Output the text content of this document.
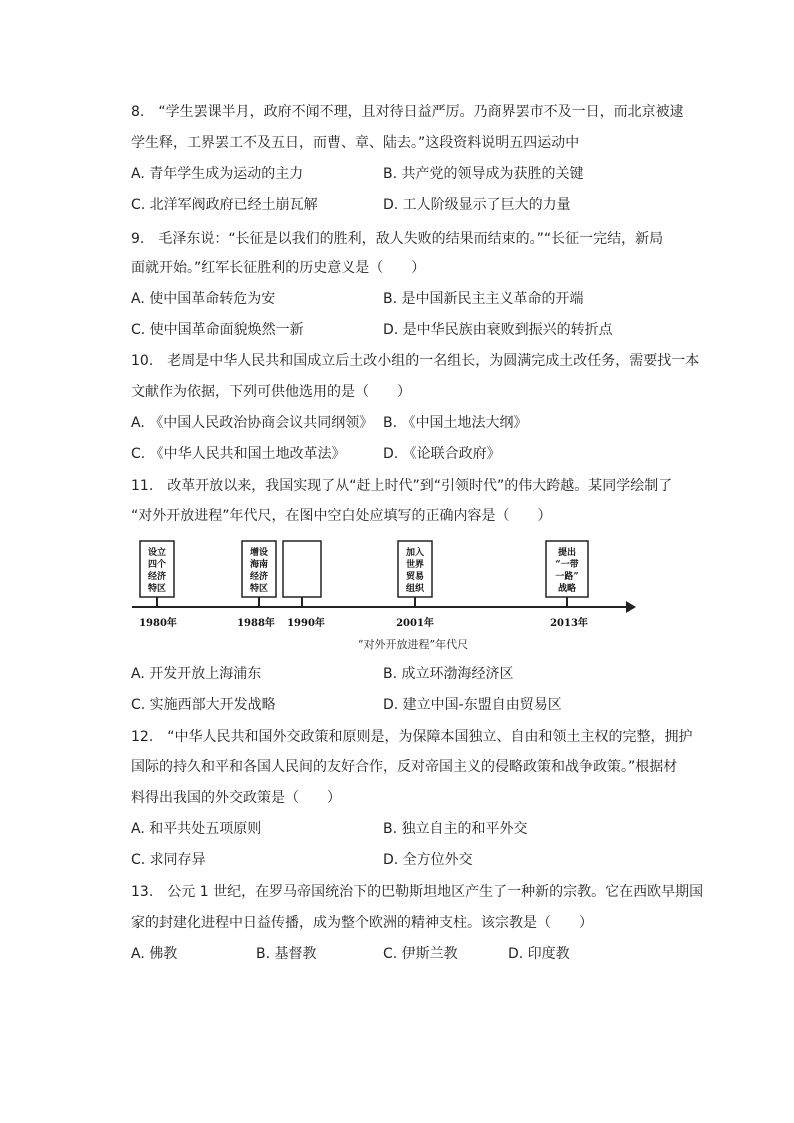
8.　“学生罢课半月，政府不闻不理，且对待日益严厉。乃商界罢市不及一日，而北京被逮
学生释，工界罢工不及五日，而曹、章、陆去。”这段资料说明五四运动中
A. 青年学生成为运动的主力	B. 共产党的领导成为获胜的关键
C. 北洋军阀政府已经土崩瓦解	D. 工人阶级显示了巨大的力量
9.　毛泽东说：“长征是以我们的胜利，敌人失败的结果而结束的。”“长征一完结，新局
面就开始。”红军长征胜利的历史意义是（　　）
A. 使中国革命转危为安	B. 是中国新民主主义革命的开端
C. 使中国革命面貌焕然一新	D. 是中华民族由衰败到振兴的转折点
10.　老周是中华人民共和国成立后土改小组的一名组长，为圆满完成土改任务，需要找一本
文献作为依据，下列可供他选用的是（　　）
A. 《中国人民政治协商会议共同纲领》 B. 《中国土地法大纲》
C. 《中华人民共和国土地改革法》	D. 《论联合政府》
11.　改革开放以来，我国实现了从“赶上时代”到“引领时代”的伟大跨越。某同学绘制了
“对外开放进程”年代尺，在图中空白处应填写的正确内容是（　　）
设立
四个
经济
特区
1980年
增设
海南
经济
特区
1988年 1990年
加入
世界
贸易
组织
2001年
提出
“一带
一路”
战略
2013年
“对外开放进程”年代尺
A. 开发开放上海浦东	B. 成立环渤海经济区
C. 实施西部大开发战略	D. 建立中国-东盟自由贸易区
12.　“中华人民共和国外交政策和原则是，为保障本国独立、自由和领土主权的完整，拥护
国际的持久和平和各国人民间的友好合作，反对帝国主义的侵略政策和战争政策。”根据材
料得出我国的外交政策是（　　）
A. 和平共处五项原则	B. 独立自主的和平外交
C. 求同存异	D. 全方位外交
13.　公元 1 世纪，在罗马帝国统治下的巴勒斯坦地区产生了一种新的宗教。它在西欧早期国
家的封建化进程中日益传播，成为整个欧洲的精神支柱。该宗教是（　　）
A. 佛教	B. 基督教	C. 伊斯兰教	D. 印度教
